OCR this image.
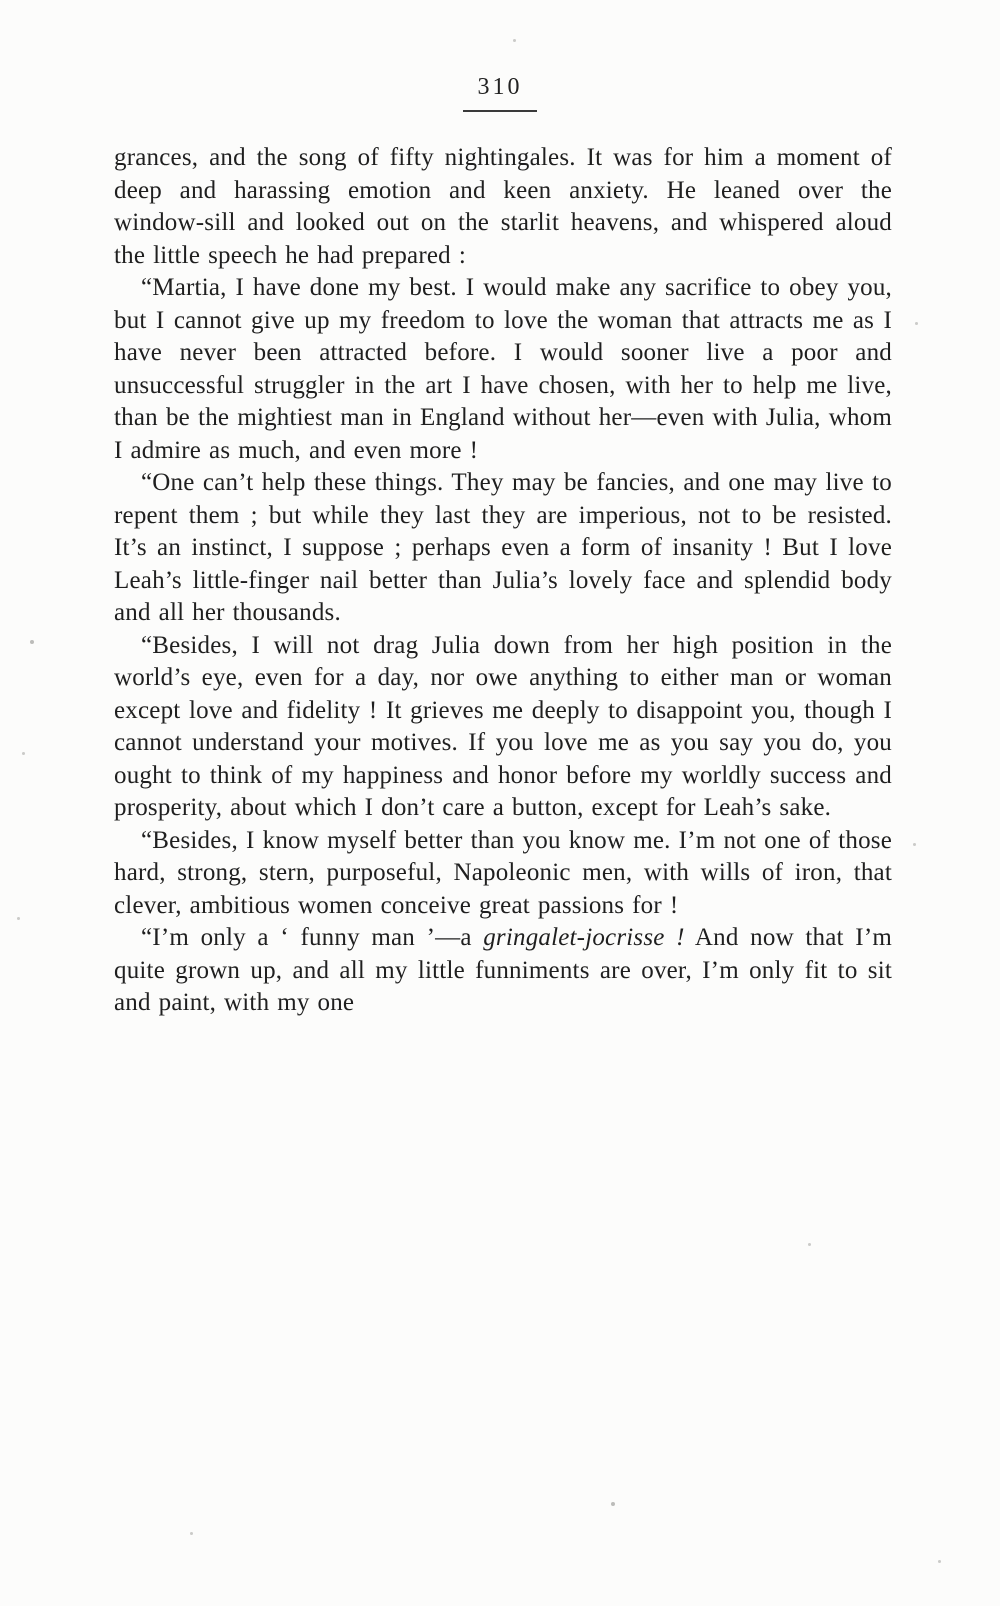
310

grances, and the song of fifty nightingales. It was for him a moment of deep and harassing emotion and keen anxiety. He leaned over the window-sill and looked out on the starlit heavens, and whispered aloud the little speech he had prepared :

“Martia, I have done my best. I would make any sacrifice to obey you, but I cannot give up my freedom to love the woman that attracts me as I have never been attracted before. I would sooner live a poor and unsuccessful struggler in the art I have chosen, with her to help me live, than be the mightiest man in England without her—even with Julia, whom I admire as much, and even more !

“One can’t help these things. They may be fancies, and one may live to repent them ; but while they last they are imperious, not to be resisted. It’s an instinct, I suppose ; perhaps even a form of insanity ! But I love Leah’s little-finger nail better than Julia’s lovely face and splendid body and all her thousands.

“Besides, I will not drag Julia down from her high position in the world’s eye, even for a day, nor owe anything to either man or woman except love and fidelity ! It grieves me deeply to disappoint you, though I cannot understand your motives. If you love me as you say you do, you ought to think of my happiness and honor before my worldly success and prosperity, about which I don’t care a button, except for Leah’s sake.

“Besides, I know myself better than you know me. I’m not one of those hard, strong, stern, purposeful, Napoleonic men, with wills of iron, that clever, ambitious women conceive great passions for !

“I’m only a ‘ funny man ’—a gringalet-jocrisse ! And now that I’m quite grown up, and all my little funniments are over, I’m only fit to sit and paint, with my one
